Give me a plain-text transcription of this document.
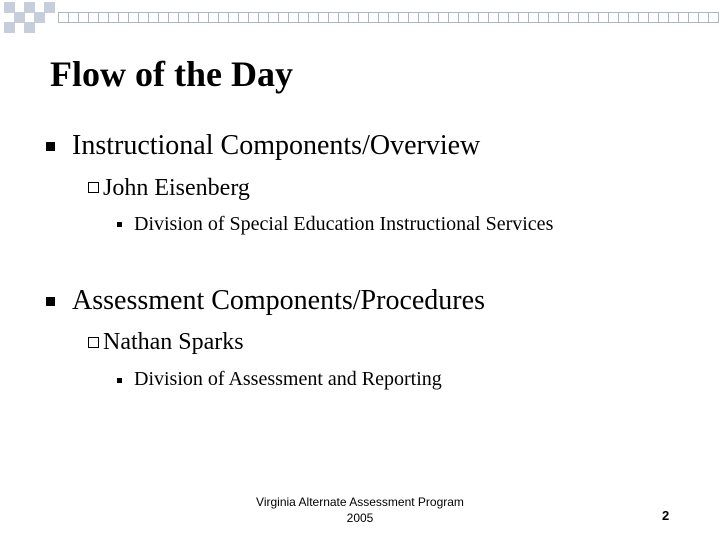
Flow of the Day
Instructional Components/Overview
John Eisenberg
Division of Special Education Instructional Services
Assessment Components/Procedures
Nathan Sparks
Division of Assessment and Reporting
Virginia Alternate Assessment Program
2005	2
